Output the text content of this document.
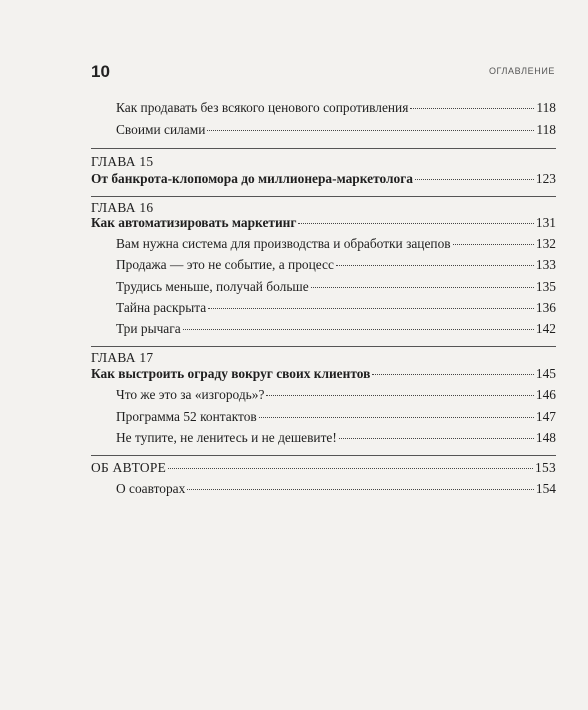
10	ОГЛАВЛЕНИЕ
Как продавать без всякого ценового сопротивления	118
Своими силами	118
ГЛАВА 15
От банкрота-клопомора до миллионера-маркетолога	123
ГЛАВА 16
Как автоматизировать маркетинг	131
Вам нужна система для производства и обработки зацепов	132
Продажа — это не событие, а процесс	133
Трудись меньше, получай больше	135
Тайна раскрыта	136
Три рычага	142
ГЛАВА 17
Как выстроить ограду вокруг своих клиентов	145
Что же это за «изгородь»?	146
Программа 52 контактов	147
Не тупите, не ленитесь и не дешевите!	148
ОБ АВТОРЕ	153
О соавторах	154
